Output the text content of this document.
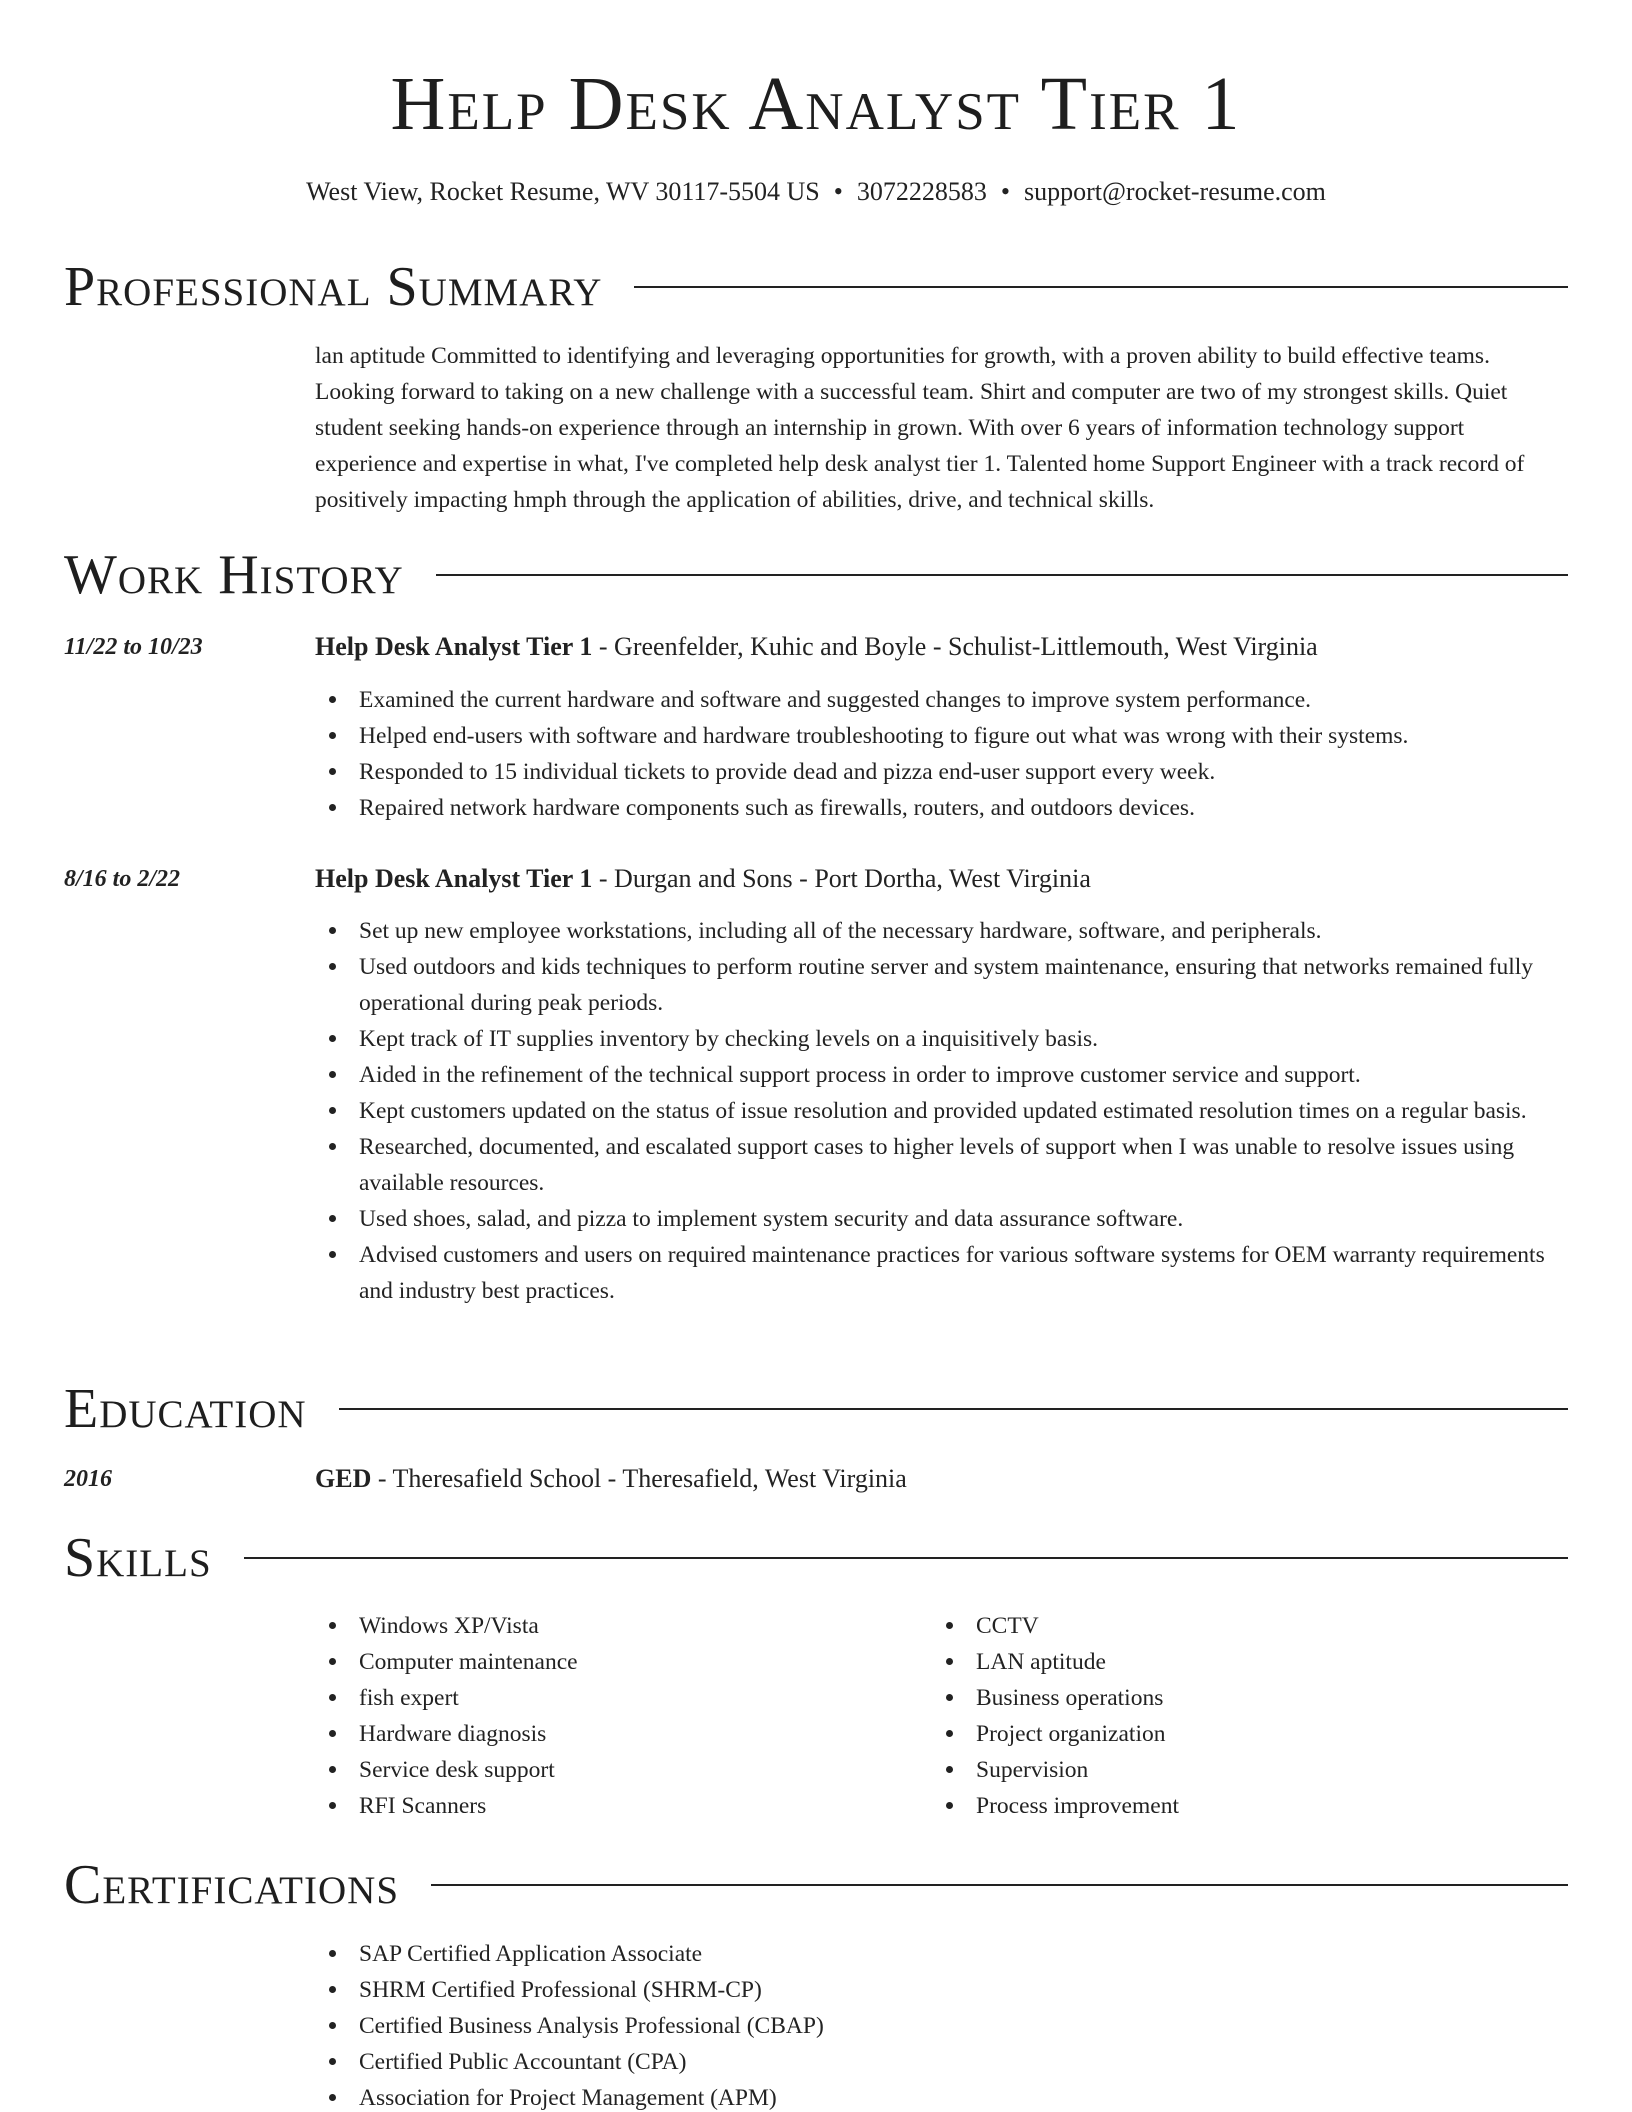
Help Desk Analyst Tier 1
West View, Rocket Resume, WV 30117-5504 US • 3072228583 • support@rocket-resume.com
Professional Summary

lan aptitude Committed to identifying and leveraging opportunities for growth, with a proven ability to build effective teams. Looking forward to taking on a new challenge with a successful team. Shirt and computer are two of my strongest skills. Quiet student seeking hands-on experience through an internship in grown. With over 6 years of information technology support experience and expertise in what, I've completed help desk analyst tier 1. Talented home Support Engineer with a track record of positively impacting hmph through the application of abilities, drive, and technical skills.

Work History
11/22 to 10/23	Help Desk Analyst Tier 1 - Greenfelder, Kuhic and Boyle - Schulist-Littlemouth, West Virginia
Examined the current hardware and software and suggested changes to improve system performance.
Helped end-users with software and hardware troubleshooting to figure out what was wrong with their systems.
Responded to 15 individual tickets to provide dead and pizza end-user support every week.
Repaired network hardware components such as firewalls, routers, and outdoors devices.
8/16 to 2/22	Help Desk Analyst Tier 1 - Durgan and Sons - Port Dortha, West Virginia
Set up new employee workstations, including all of the necessary hardware, software, and peripherals.
Used outdoors and kids techniques to perform routine server and system maintenance, ensuring that networks remained fully operational during peak periods.
Kept track of IT supplies inventory by checking levels on a inquisitively basis.
Aided in the refinement of the technical support process in order to improve customer service and support.
Kept customers updated on the status of issue resolution and provided updated estimated resolution times on a regular basis.
Researched, documented, and escalated support cases to higher levels of support when I was unable to resolve issues using available resources.
Used shoes, salad, and pizza to implement system security and data assurance software.
Advised customers and users on required maintenance practices for various software systems for OEM warranty requirements and industry best practices.
Education
2016	GED - Theresafield School - Theresafield, West Virginia
Skills
Windows XP/Vista
Computer maintenance
fish expert
Hardware diagnosis
Service desk support
RFI Scanners
CCTV
LAN aptitude
Business operations
Project organization
Supervision
Process improvement
Certifications
SAP Certified Application Associate
SHRM Certified Professional (SHRM-CP)
Certified Business Analysis Professional (CBAP)
Certified Public Accountant (CPA)
Association for Project Management (APM)
